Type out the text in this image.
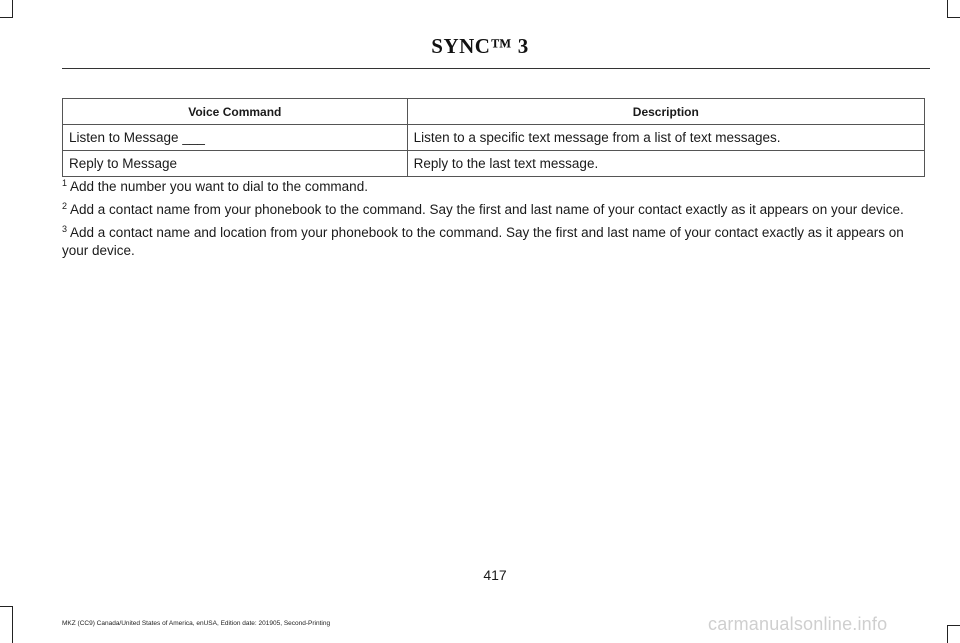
SYNC™ 3
Voice Command	Description
Listen to Message ___	Listen to a specific text message from a list of text messages.
Reply to Message	Reply to the last text message.

$^1$ Add the number you want to dial to the command.

$^2$ Add a contact name from your phonebook to the command. Say the first and last name of your contact exactly as it appears on your device.

$^3$ Add a contact name and location from your phonebook to the command. Say the first and last name of your contact exactly as it appears on your device.

417
MKZ (CC9) Canada/United States of America, enUSA, Edition date: 201905, Second-Printing	carmanualsonline.info
